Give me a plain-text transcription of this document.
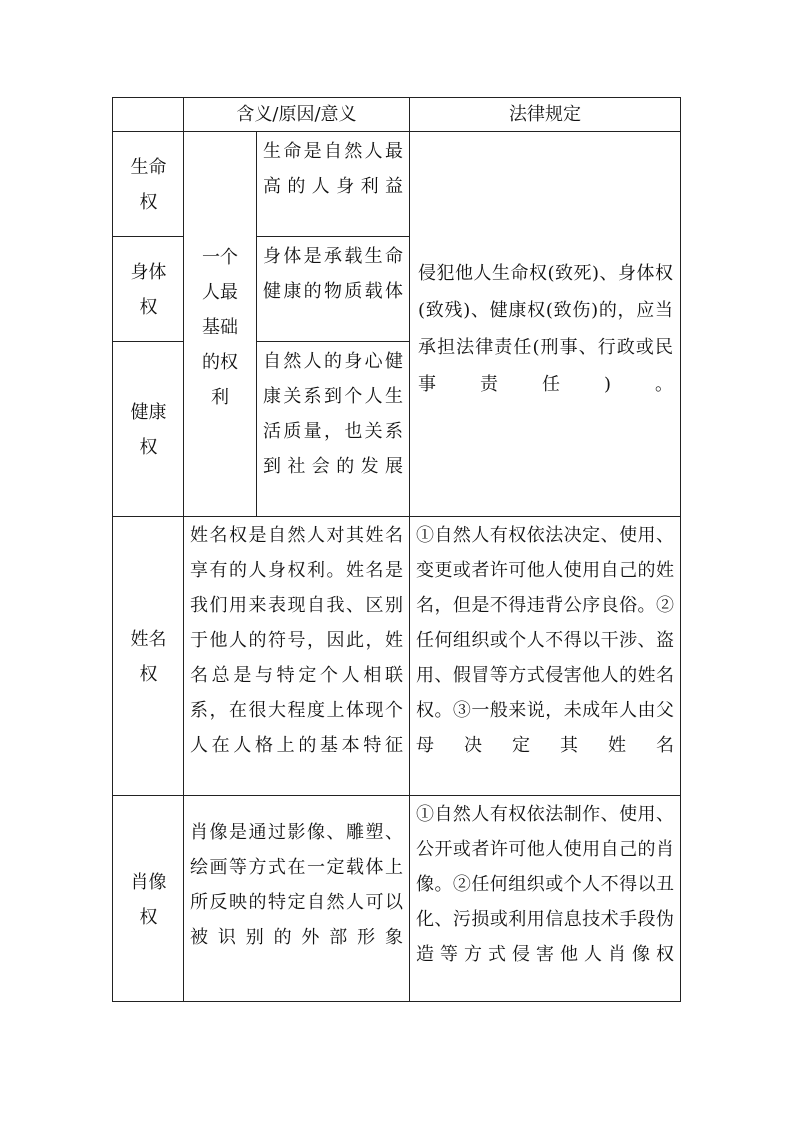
含义/原因/意义	法律规定
生命权
身体权
健康权
一个人最基础的权利
生命是自然人最高的人身利益
身体是承载生命健康的物质载体
自然人的身心健康关系到个人生活质量，也关系到社会的发展
侵犯他人生命权(致死)、身体权(致残)、健康权(致伤)的，应当承担法律责任(刑事、行政或民事责任)。
姓名权
姓名权是自然人对其姓名享有的人身权利。姓名是我们用来表现自我、区别于他人的符号，因此，姓名总是与特定个人相联系，在很大程度上体现个人在人格上的基本特征
①自然人有权依法决定、使用、变更或者许可他人使用自己的姓名，但是不得违背公序良俗。②任何组织或个人不得以干涉、盗用、假冒等方式侵害他人的姓名权。③一般来说，未成年人由父母决定其姓名
肖像权
肖像是通过影像、雕塑、绘画等方式在一定载体上所反映的特定自然人可以被识别的外部形象
①自然人有权依法制作、使用、公开或者许可他人使用自己的肖像。②任何组织或个人不得以丑化、污损或利用信息技术手段伪造等方式侵害他人肖像权
